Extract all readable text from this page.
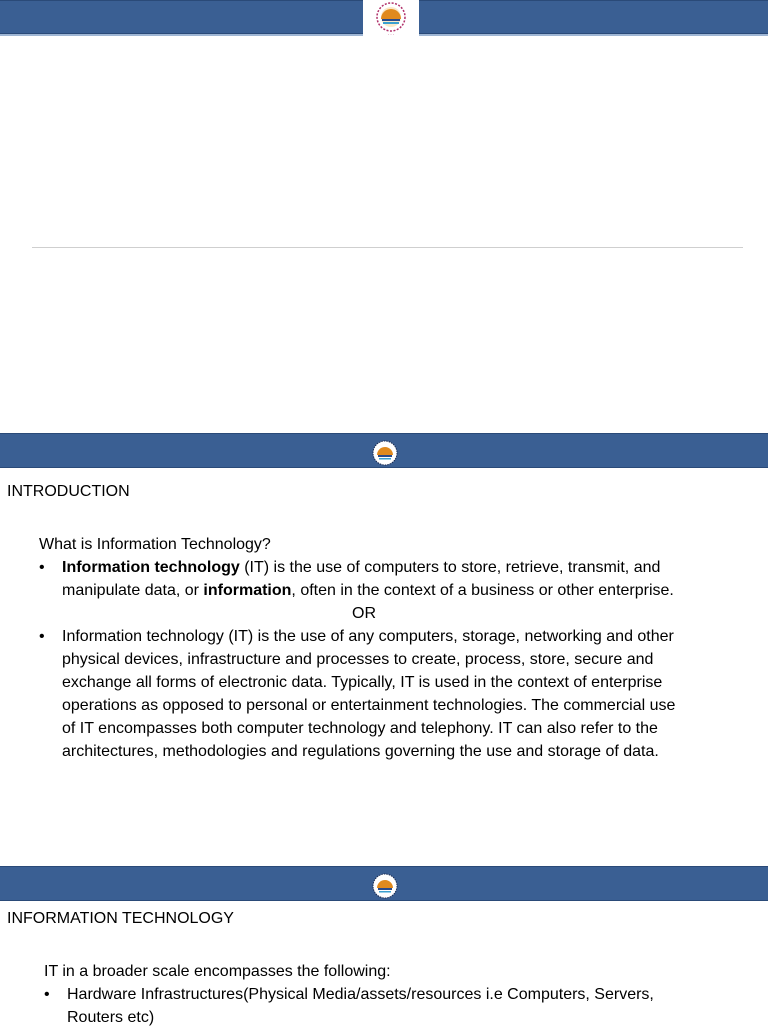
· · ·
INTRODUCTION

What is Information Technology?

• Information technology (IT) is the use of computers to store, retrieve, transmit, and manipulate data, or information, often in the context of a business or other enterprise.

OR

• Information technology (IT) is the use of any computers, storage, networking and other physical devices, infrastructure and processes to create, process, store, secure and exchange all forms of electronic data. Typically, IT is used in the context of enterprise operations as opposed to personal or entertainment technologies. The commercial use of IT encompasses both computer technology and telephony. IT can also refer to the architectures, methodologies and regulations governing the use and storage of data.
INFORMATION TECHNOLOGY

IT in a broader scale encompasses the following:

• Hardware Infrastructures(Physical Media/assets/resources i.e Computers, Servers, Routers etc)
